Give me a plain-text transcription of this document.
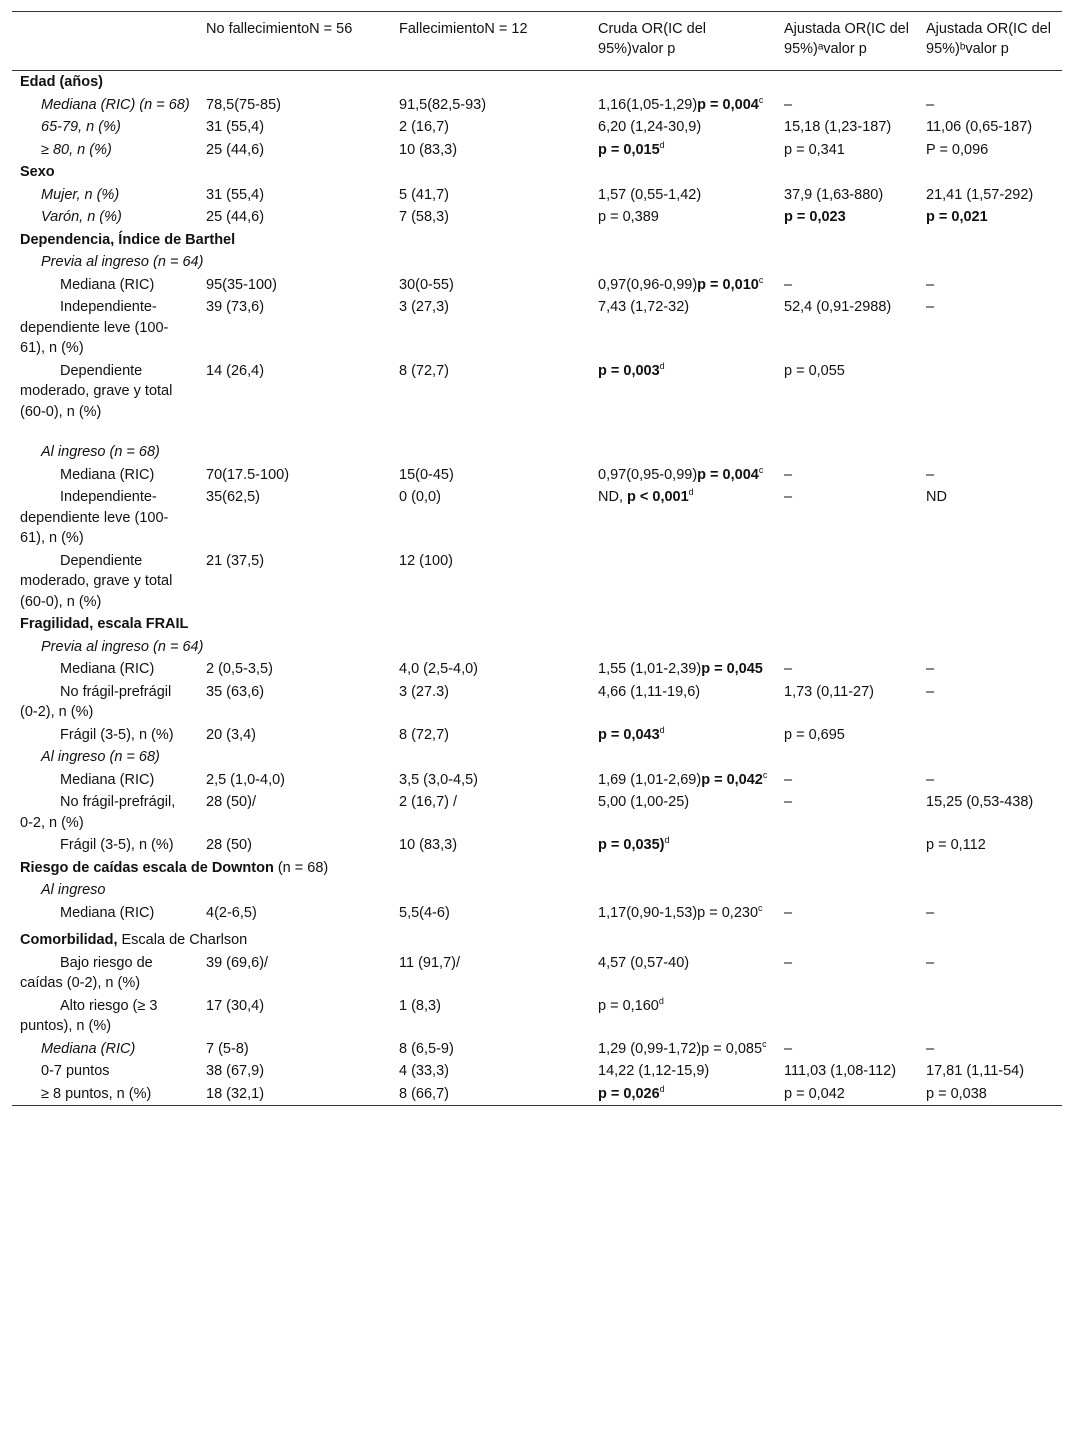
	No fallecimientoN = 56	FallecimientoN = 12	Cruda OR(IC del 95%)valor p	Ajustada OR(IC del 95%)ᵃvalor p	Ajustada OR(IC del 95%)ᵇvalor p
Edad (años)					
Mediana (RIC) (n = 68)	78,5(75-85)	91,5(82,5-93)	1,16(1,05-1,29)p = 0,004$^c$	–	–
65-79, n (%)	31 (55,4)	2 (16,7)	6,20 (1,24-30,9)	15,18 (1,23-187)	11,06 (0,65-187)
≥ 80, n (%)	25 (44,6)	10 (83,3)	p = 0,015$^d$	p = 0,341	P = 0,096
Sexo					
Mujer, n (%)	31 (55,4)	5 (41,7)	1,57 (0,55-1,42)	37,9 (1,63-880)	21,41 (1,57-292)
Varón, n (%)	25 (44,6)	7 (58,3)	p = 0,389	p = 0,023	p = 0,021
Dependencia, Índice de Barthel					
Previa al ingreso (n = 64)					
Mediana (RIC)	95(35-100)	30(0-55)	0,97(0,96-0,99)p = 0,010$^c$	–	–
Independiente-dependiente leve (100-61), n (%)	39 (73,6)	3 (27,3)	7,43 (1,72-32)	52,4 (0,91-2988)	–
Dependiente moderado, grave y total (60-0), n (%)	14 (26,4)	8 (72,7)	p = 0,003$^d$	p = 0,055	

Al ingreso (n = 68)					
Mediana (RIC)	70(17.5-100)	15(0-45)	0,97(0,95-0,99)p = 0,004$^c$	–	–
Independiente-dependiente leve (100-61), n (%)	35(62,5)	0 (0,0)	ND, p < 0,001$^d$	–	ND
Dependiente moderado, grave y total (60-0), n (%)	21 (37,5)	12 (100)			
Fragilidad, escala FRAIL					
Previa al ingreso (n = 64)					
Mediana (RIC)	2 (0,5-3,5)	4,0 (2,5-4,0)	1,55 (1,01-2,39)p = 0,045	–	–
No frágil-prefrágil (0-2), n (%)	35 (63,6)	3 (27.3)	4,66 (1,11-19,6)	1,73 (0,11-27)	–
Frágil (3-5), n (%)	20 (3,4)	8 (72,7)	p = 0,043$^d$	p = 0,695	
Al ingreso (n = 68)					
Mediana (RIC)	2,5 (1,0-4,0)	3,5 (3,0-4,5)	1,69 (1,01-2,69)p = 0,042$^c$	–	–
No frágil-prefrágil, 0-2, n (%)	28 (50)/	2 (16,7) /	5,00 (1,00-25)	–	15,25 (0,53-438)
Frágil (3-5), n (%)	28 (50)	10 (83,3)	p = 0,035)$^d$		p = 0,112
Riesgo de caídas escala de Downton (n = 68)					
Al ingreso					
Mediana (RIC)	4(2-6,5)	5,5(4-6)	1,17(0,90-1,53)p = 0,230$^c$	–	–
Comorbilidad, Escala de Charlson					
Bajo riesgo de caídas (0-2), n (%)	39 (69,6)/	11 (91,7)/	4,57 (0,57-40)	–	–
Alto riesgo (≥ 3 puntos), n (%)	17 (30,4)	1 (8,3)	p = 0,160$^d$		
Mediana (RIC)	7 (5-8)	8 (6,5-9)	1,29 (0,99-1,72)p = 0,085$^c$	–	–
0-7 puntos	38 (67,9)	4 (33,3)	14,22 (1,12-15,9)	111,03 (1,08-112)	17,81 (1,11-54)
≥ 8 puntos, n (%)	18 (32,1)	8 (66,7)	p = 0,026$^d$	p = 0,042	p = 0,038
